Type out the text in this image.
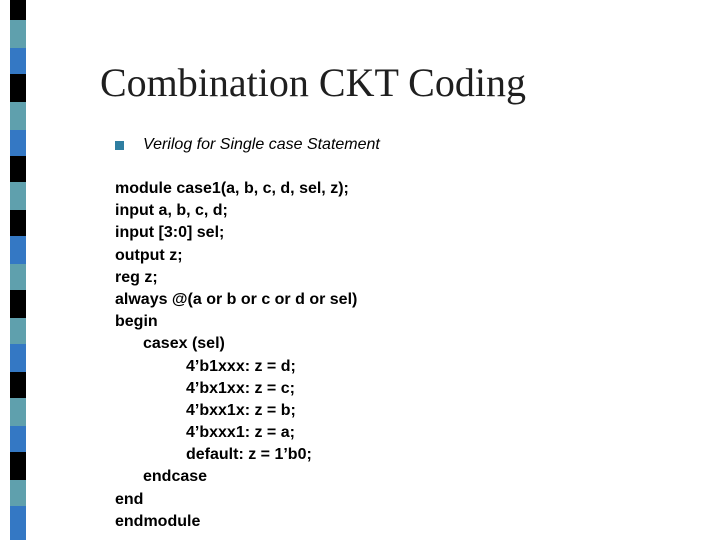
Combination CKT Coding
Verilog for Single case Statement
module case1(a, b, c, d, sel, z);
input a, b, c, d;
input [3:0] sel;
output z;
reg z;
always @(a or b or c or d or sel)
begin
casex (sel)
4’b1xxx: z = d;
4’bx1xx: z = c;
4’bxx1x: z = b;
4’bxxx1: z = a;
default: z = 1’b0;
endcase
end
endmodule
